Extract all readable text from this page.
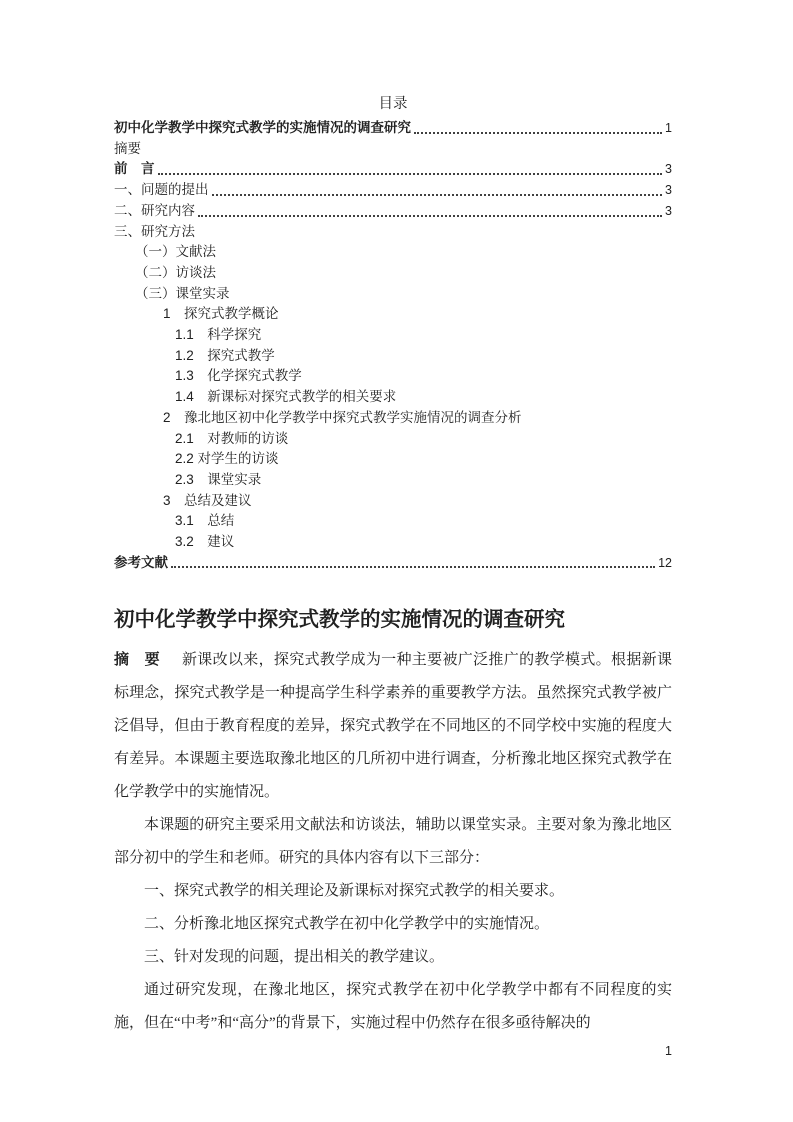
目录
初中化学教学中探究式教学的实施情况的调查研究	1
摘要
前　言	3
一、问题的提出	3
二、研究内容	3
三、研究方法
（一）文献法
（二）访谈法
（三）课堂实录
1　探究式教学概论
1.1　科学探究
1.2　探究式教学
1.3　化学探究式教学
1.4　新课标对探究式教学的相关要求
2　豫北地区初中化学教学中探究式教学实施情况的调查分析
2.1　对教师的访谈
2.2 对学生的访谈
2.3　课堂实录
3　总结及建议
3.1　总结
3.2　建议
参考文献	12
初中化学教学中探究式教学的实施情况的调查研究

摘　要 新课改以来，探究式教学成为一种主要被广泛推广的教学模式。根据新课标理念，探究式教学是一种提高学生科学素养的重要教学方法。虽然探究式教学被广泛倡导，但由于教育程度的差异，探究式教学在不同地区的不同学校中实施的程度大有差异。本课题主要选取豫北地区的几所初中进行调查，分析豫北地区探究式教学在化学教学中的实施情况。

本课题的研究主要采用文献法和访谈法，辅助以课堂实录。主要对象为豫北地区部分初中的学生和老师。研究的具体内容有以下三部分：

一、探究式教学的相关理论及新课标对探究式教学的相关要求。

二、分析豫北地区探究式教学在初中化学教学中的实施情况。

三、针对发现的问题，提出相关的教学建议。

通过研究发现，在豫北地区，探究式教学在初中化学教学中都有不同程度的实施，但在“中考”和“高分”的背景下，实施过程中仍然存在很多亟待解决的

1
